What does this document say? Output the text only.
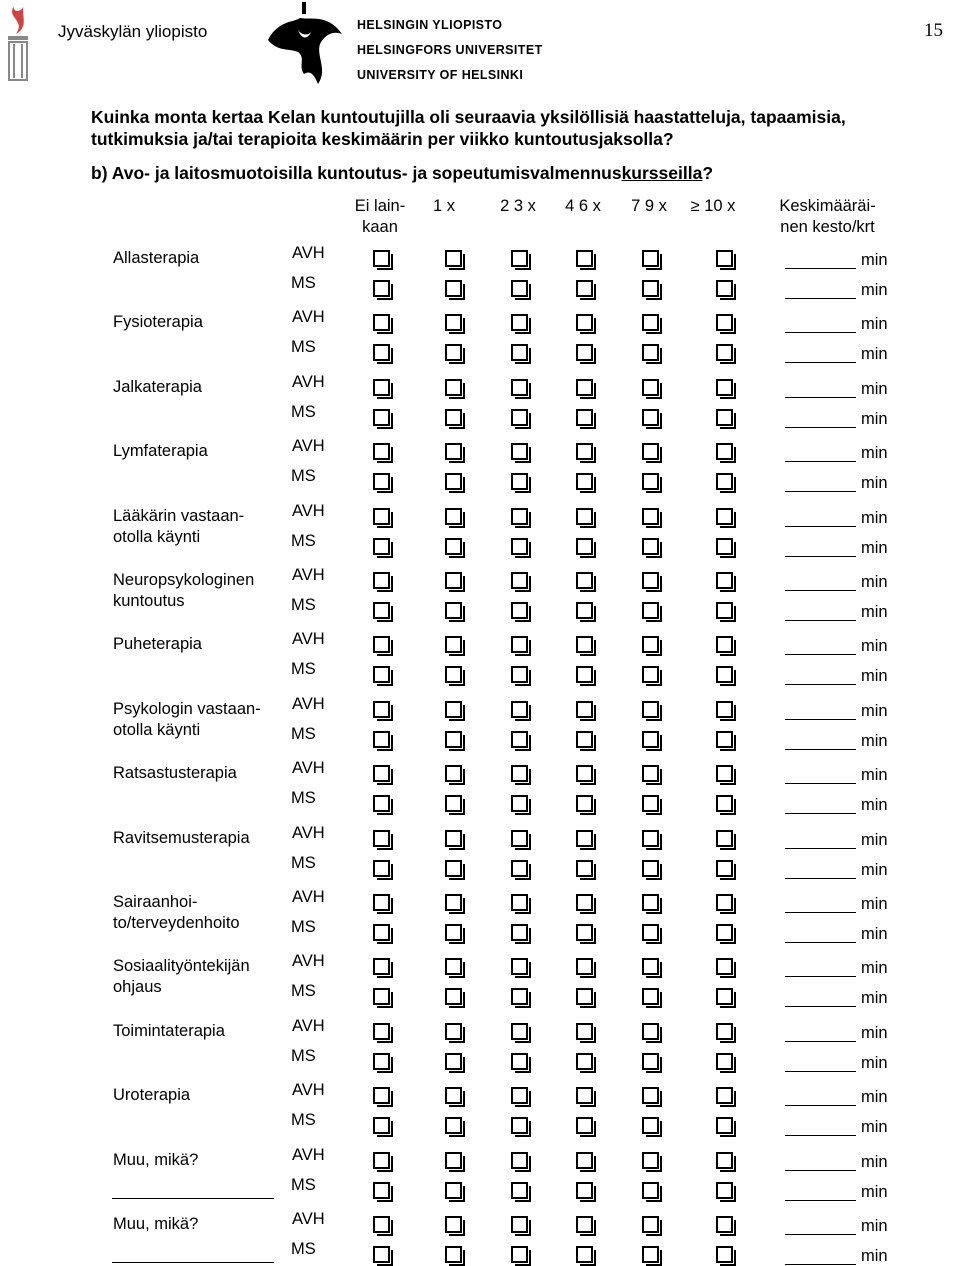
Jyväskylän yliopisto	HELSINGIN YLIOPISTO
HELSINGFORS UNIVERSITET
UNIVERSITY OF HELSINKI
15
Kuinka monta kertaa Kelan kuntoutujilla oli seuraavia yksilöllisiä haastatteluja, tapaamisia,
tutkimuksia ja/tai terapioita keskimäärin per viikko kuntoutusjaksolla?
b) Avo- ja laitosmuotoisilla kuntoutus- ja sopeutumisvalmennuskursseilla?
Ei lain-
kaan
1 x	2 3 x	4 6 x	7 9 x	≥ 10 x	Keskimääräi-
nen kesto/krt
Allasterapia	AVH	min
MS	min
Fysioterapia	AVH	min
MS	min
Jalkaterapia	AVH	min
MS	min
Lymfaterapia	AVH	min
MS	min
Lääkärin vastaan-
otolla käynti
AVH	min
MS	min
Neuropsykologinen
kuntoutus
AVH	min
MS	min
Puheterapia	AVH	min
MS	min
Psykologin vastaan-
otolla käynti
AVH	min
MS	min
Ratsastusterapia	AVH	min
MS	min
Ravitsemusterapia	AVH	min
MS	min
Sairaanhoi-
to/terveydenhoito
AVH	min
MS	min
Sosiaalityöntekijän
ohjaus
AVH	min
MS	min
Toimintaterapia	AVH	min
MS	min
Uroterapia	AVH	min
MS	min
Muu, mikä?	AVH	min
MS	min
Muu, mikä?	AVH	min
MS	min
